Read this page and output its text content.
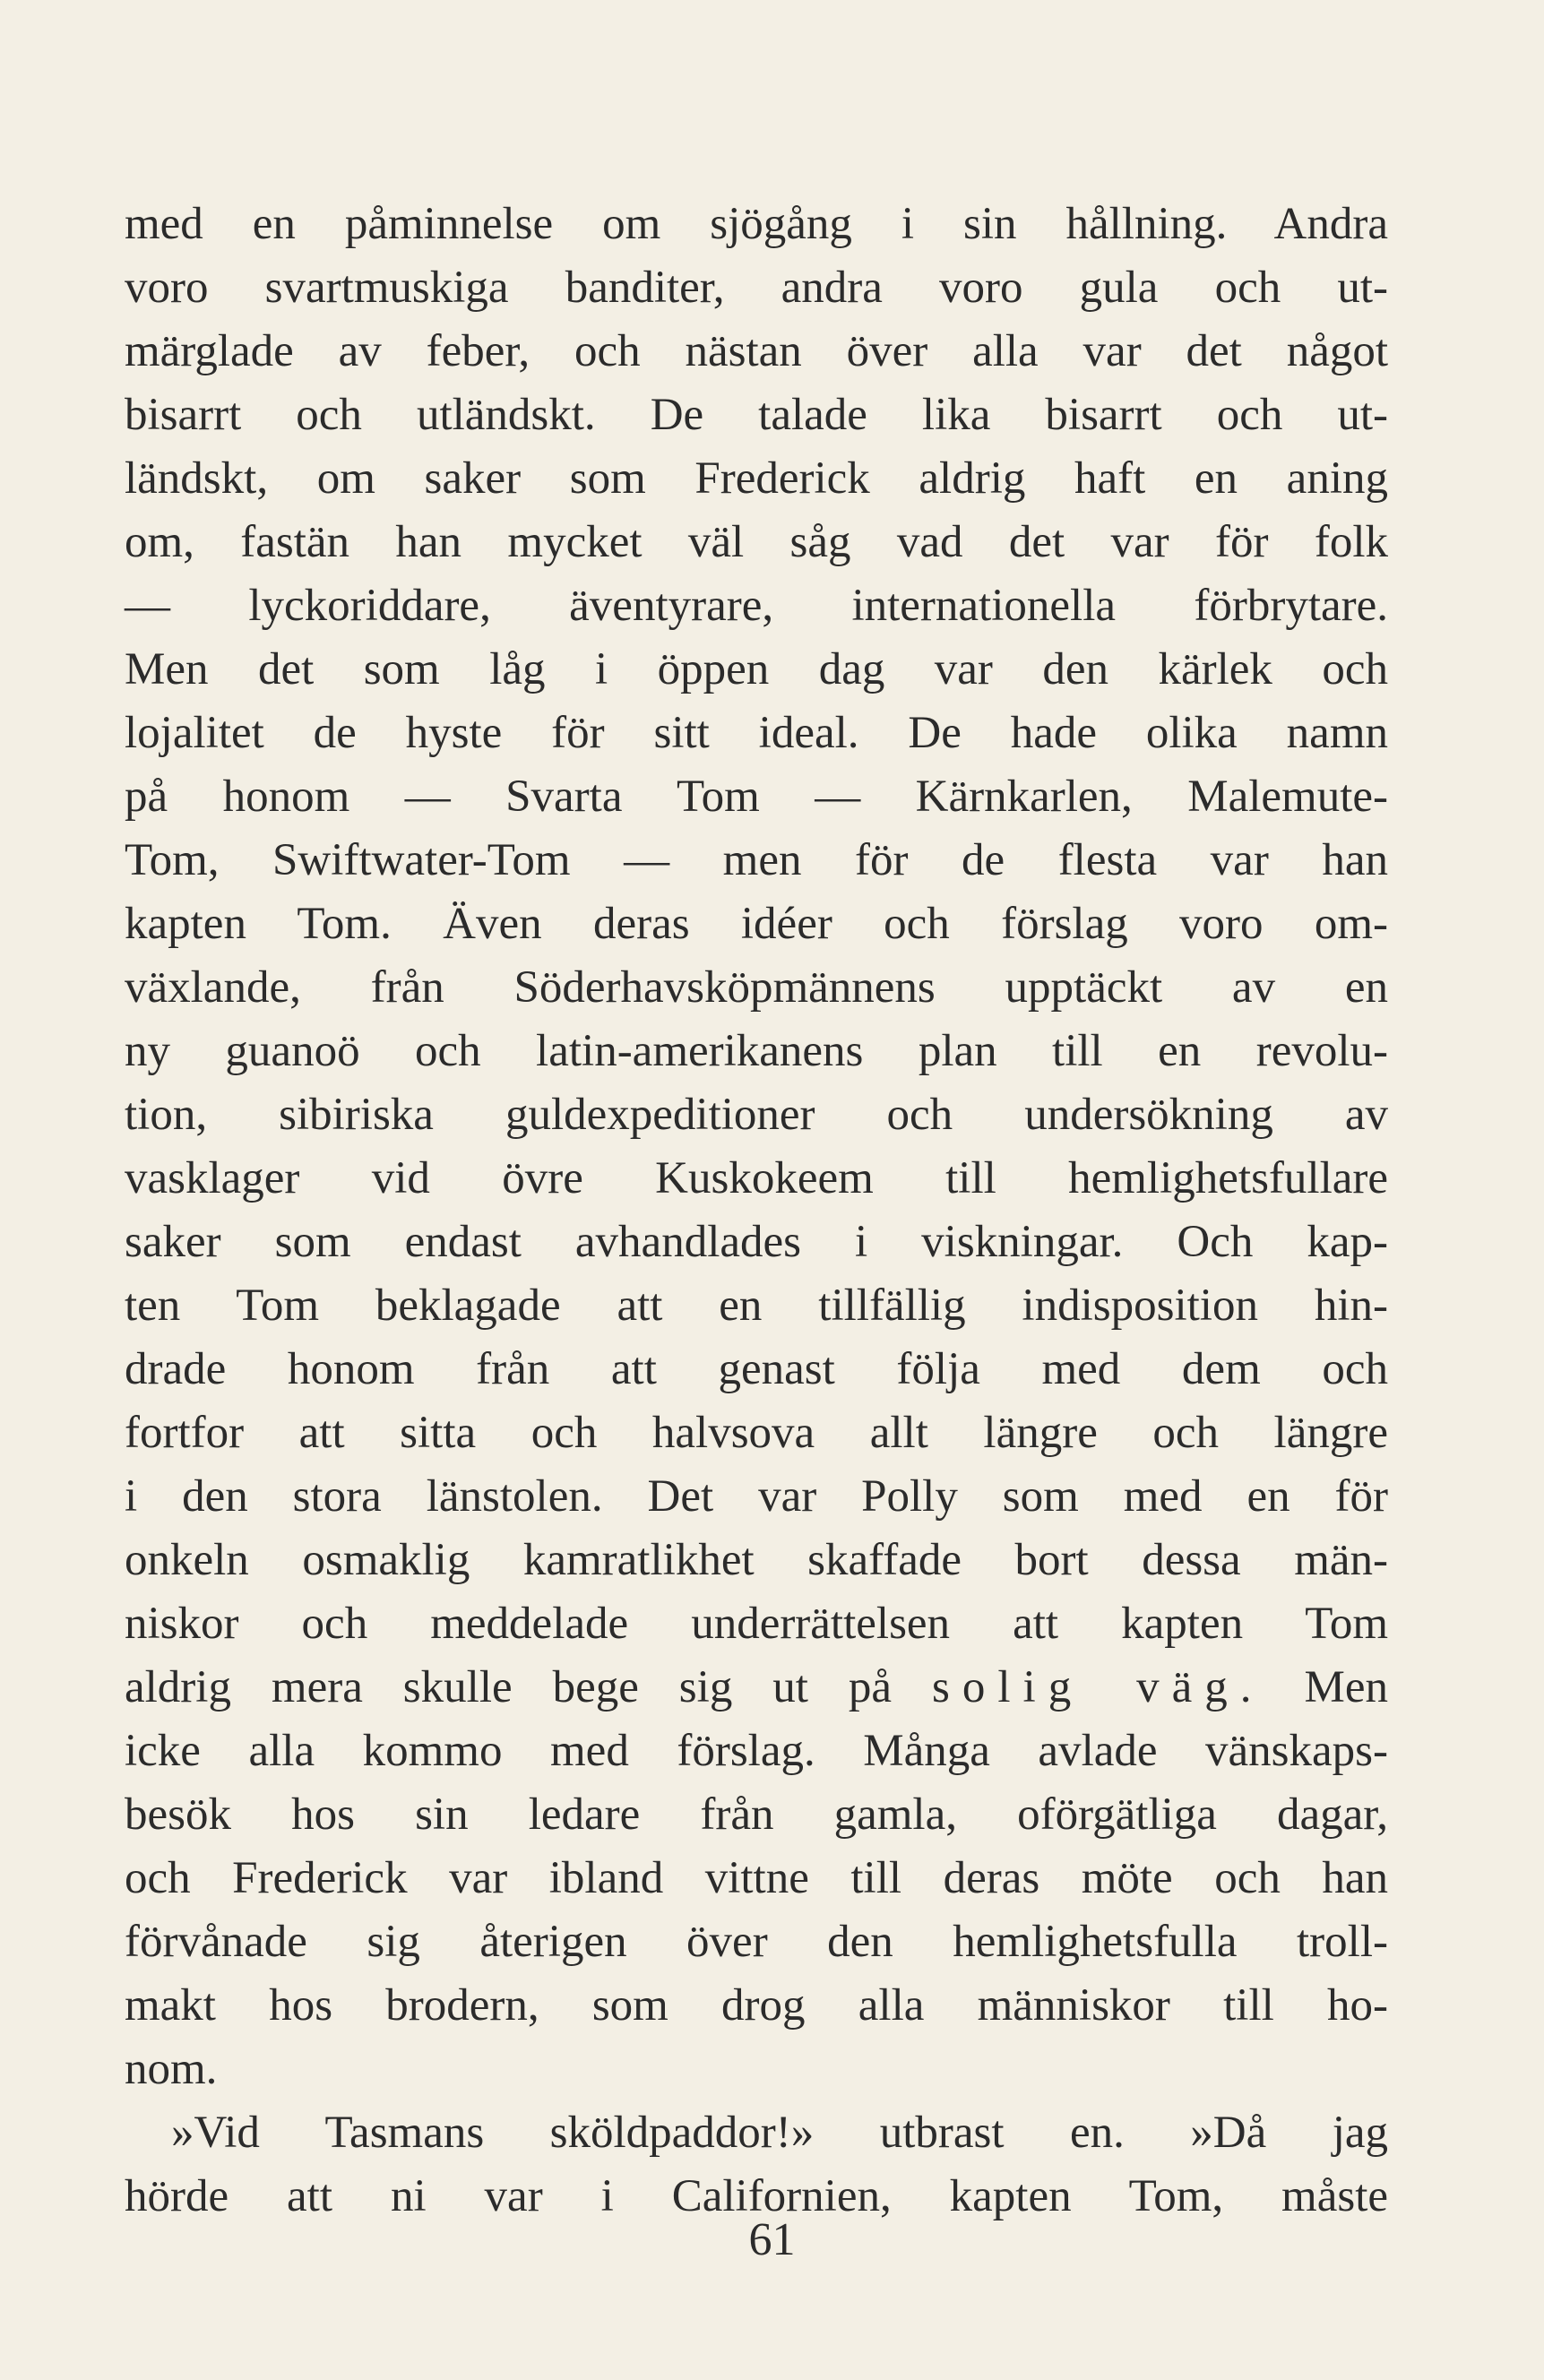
med en påminnelse om sjögång i sin hållning. Andra
voro svartmuskiga banditer, andra voro gula och ut-
märglade av feber, och nästan över alla var det något
bisarrt och utländskt. De talade lika bisarrt och ut-
ländskt, om saker som Frederick aldrig haft en aning
om, fastän han mycket väl såg vad det var för folk
— lyckoriddare, äventyrare, internationella förbrytare.
Men det som låg i öppen dag var den kärlek och
lojalitet de hyste för sitt ideal. De hade olika namn
på honom — Svarta Tom — Kärnkarlen, Malemute-
Tom, Swiftwater-Tom — men för de flesta var han
kapten Tom. Även deras idéer och förslag voro om-
växlande, från Söderhavsköpmännens upptäckt av en
ny guanoö och latin-amerikanens plan till en revolu-
tion, sibiriska guldexpeditioner och undersökning av
vasklager vid övre Kuskokeem till hemlighetsfullare
saker som endast avhandlades i viskningar. Och kap-
ten Tom beklagade att en tillfällig indisposition hin-
drade honom från att genast följa med dem och
fortfor att sitta och halvsova allt längre och längre
i den stora länstolen. Det var Polly som med en för
onkeln osmaklig kamratlikhet skaffade bort dessa män-
niskor och meddelade underrättelsen att kapten Tom
aldrig mera skulle bege sig ut på solig väg. Men
icke alla kommo med förslag. Många avlade vänskaps-
besök hos sin ledare från gamla, oförgätliga dagar,
och Frederick var ibland vittne till deras möte och han
förvånade sig återigen över den hemlighetsfulla troll-
makt hos brodern, som drog alla människor till ho-
nom.
»Vid Tasmans sköldpaddor!» utbrast en. »Då jag
hörde att ni var i Californien, kapten Tom, måste
61
